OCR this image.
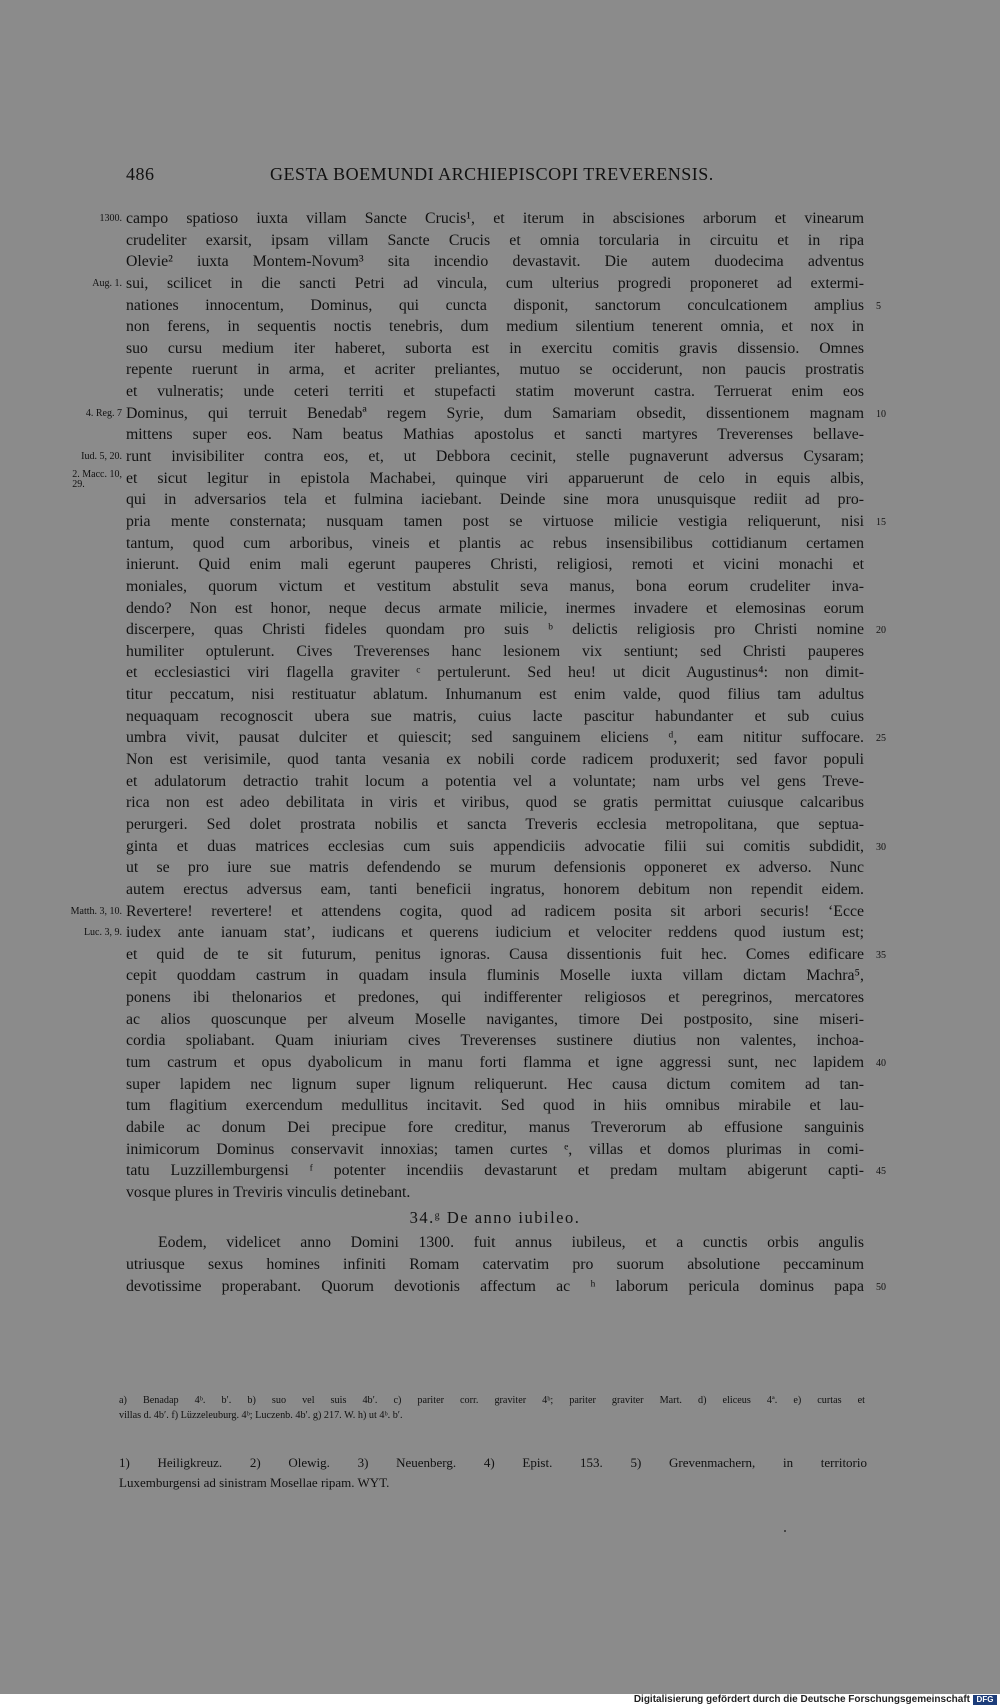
486	GESTA BOEMUNDI ARCHIEPISCOPI TREVERENSIS.
campo spatioso iuxta villam Sancte Crucis¹, et iterum in abscisiones arborum et vinearum
1300.
crudeliter exarsit, ipsam villam Sancte Crucis et omnia torcularia in circuitu et in ripa
Olevie² iuxta Montem-Novum³ sita incendio devastavit. Die autem duodecima adventus
sui, scilicet in die sancti Petri ad vincula, cum ulterius progredi proponeret ad extermi-
Aug. 1.
nationes innocentum, Dominus, qui cuncta disponit, sanctorum conculcationem amplius 5
non ferens, in sequentis noctis tenebris, dum medium silentium tenerent omnia, et nox in
suo cursu medium iter haberet, suborta est in exercitu comitis gravis dissensio. Omnes
repente ruerunt in arma, et acriter preliantes, mutuo se occiderunt, non paucis prostratis
et vulneratis; unde ceteri territi et stupefacti statim moverunt castra. Terruerat enim eos
Dominus, qui terruit Benedabª regem Syrie, dum Samariam obsedit, dissentionem magnam
4. Reg. 7	10
mittens super eos. Nam beatus Mathias apostolus et sancti martyres Treverenses bellave-
runt invisibiliter contra eos, et, ut Debbora cecinit, stelle pugnaverunt adversus Cysaram;
Iud. 5, 20.
et sicut legitur in epistola Machabei, quinque viri apparuerunt de celo in equis albis,
2. Macc. 10,
29.
qui in adversarios tela et fulmina iaciebant. Deinde sine mora unusquisque rediit ad pro-
pria mente consternata; nusquam tamen post se virtuose milicie vestigia reliquerunt, nisi 15
tantum, quod cum arboribus, vineis et plantis ac rebus insensibilibus cottidianum certamen
inierunt. Quid enim mali egerunt pauperes Christi, religiosi, remoti et vicini monachi et
moniales, quorum victum et vestitum abstulit seva manus, bona eorum crudeliter inva-
dendo? Non est honor, neque decus armate milicie, inermes invadere et elemosinas eorum
discerpere, quas Christi fideles quondam pro suis ᵇ delictis religiosis pro Christi nomine 20
humiliter optulerunt. Cives Treverenses hanc lesionem vix sentiunt; sed Christi pauperes
et ecclesiastici viri flagella graviter ᶜ pertulerunt. Sed heu! ut dicit Augustinus⁴: non dimit-
titur peccatum, nisi restituatur ablatum. Inhumanum est enim valde, quod filius tam adultus
nequaquam recognoscit ubera sue matris, cuius lacte pascitur habundanter et sub cuius
umbra vivit, pausat dulciter et quiescit; sed sanguinem eliciens ᵈ, eam nititur suffocare. 25
Non est verisimile, quod tanta vesania ex nobili corde radicem produxerit; sed favor populi
et adulatorum detractio trahit locum a potentia vel a voluntate; nam urbs vel gens Treve-
rica non est adeo debilitata in viris et viribus, quod se gratis permittat cuiusque calcaribus
perurgeri. Sed dolet prostrata nobilis et sancta Treveris ecclesia metropolitana, que septua-
ginta et duas matrices ecclesias cum suis appendiciis advocatie filii sui comitis subdidit, 30
ut se pro iure sue matris defendendo se murum defensionis opponeret ex adverso. Nunc
autem erectus adversus eam, tanti beneficii ingratus, honorem debitum non rependit eidem.
Revertere! revertere! et attendens cogita, quod ad radicem posita sit arbori securis! ‘Ecce
Matth. 3, 10.
iudex ante ianuam stat’, iudicans et querens iudicium et velociter reddens quod iustum est;
Luc. 3, 9.
et quid de te sit futurum, penitus ignoras. Causa dissentionis fuit hec. Comes edificare 35
cepit quoddam castrum in quadam insula fluminis Moselle iuxta villam dictam Machra⁵,
ponens ibi thelonarios et predones, qui indifferenter religiosos et peregrinos, mercatores
ac alios quoscunque per alveum Moselle navigantes, timore Dei postposito, sine miseri-
cordia spoliabant. Quam iniuriam cives Treverenses sustinere diutius non valentes, inchoa-
tum castrum et opus dyabolicum in manu forti flamma et igne aggressi sunt, nec lapidem 40
super lapidem nec lignum super lignum reliquerunt. Hec causa dictum comitem ad tan-
tum flagitium exercendum medullitus incitavit. Sed quod in hiis omnibus mirabile et lau-
dabile ac donum Dei precipue fore creditur, manus Treverorum ab effusione sanguinis
inimicorum Dominus conservavit innoxias; tamen curtes ᵉ, villas et domos plurimas in comi-
tatu Luzzillemburgensi ᶠ potenter incendiis devastarunt et predam multam abigerunt capti- 45
vosque plures in Treviris vinculis detinebant.
34.ᵍ De anno iubileo.
Eodem, videlicet anno Domini 1300. fuit annus iubileus, et a cunctis orbis angulis
utriusque sexus homines infiniti Romam catervatim pro suorum absolutione peccaminum
devotissime properabant. Quorum devotionis affectum ac ʰ laborum pericula dominus papa 50
a) Benadap 4ᵇ. bʹ. b) suo vel suis 4bʹ. c) pariter corr. graviter 4ᵇ; pariter graviter Mart. d) eliceus 4ª. e) curtas et
villas d. 4bʹ. f) Lüzzeleuburg. 4ᵇ; Luczenb. 4bʹ. g) 217. W. h) ut 4ᵇ. bʹ.
1) Heiligkreuz. 2) Olewig. 3) Neuenberg. 4) Epist. 153. 5) Grevenmachern, in territorio
Luxemburgensi ad sinistram Mosellae ripam. WYT.
Digitalisierung gefördert durch die Deutsche Forschungsgemeinschaft DFG
